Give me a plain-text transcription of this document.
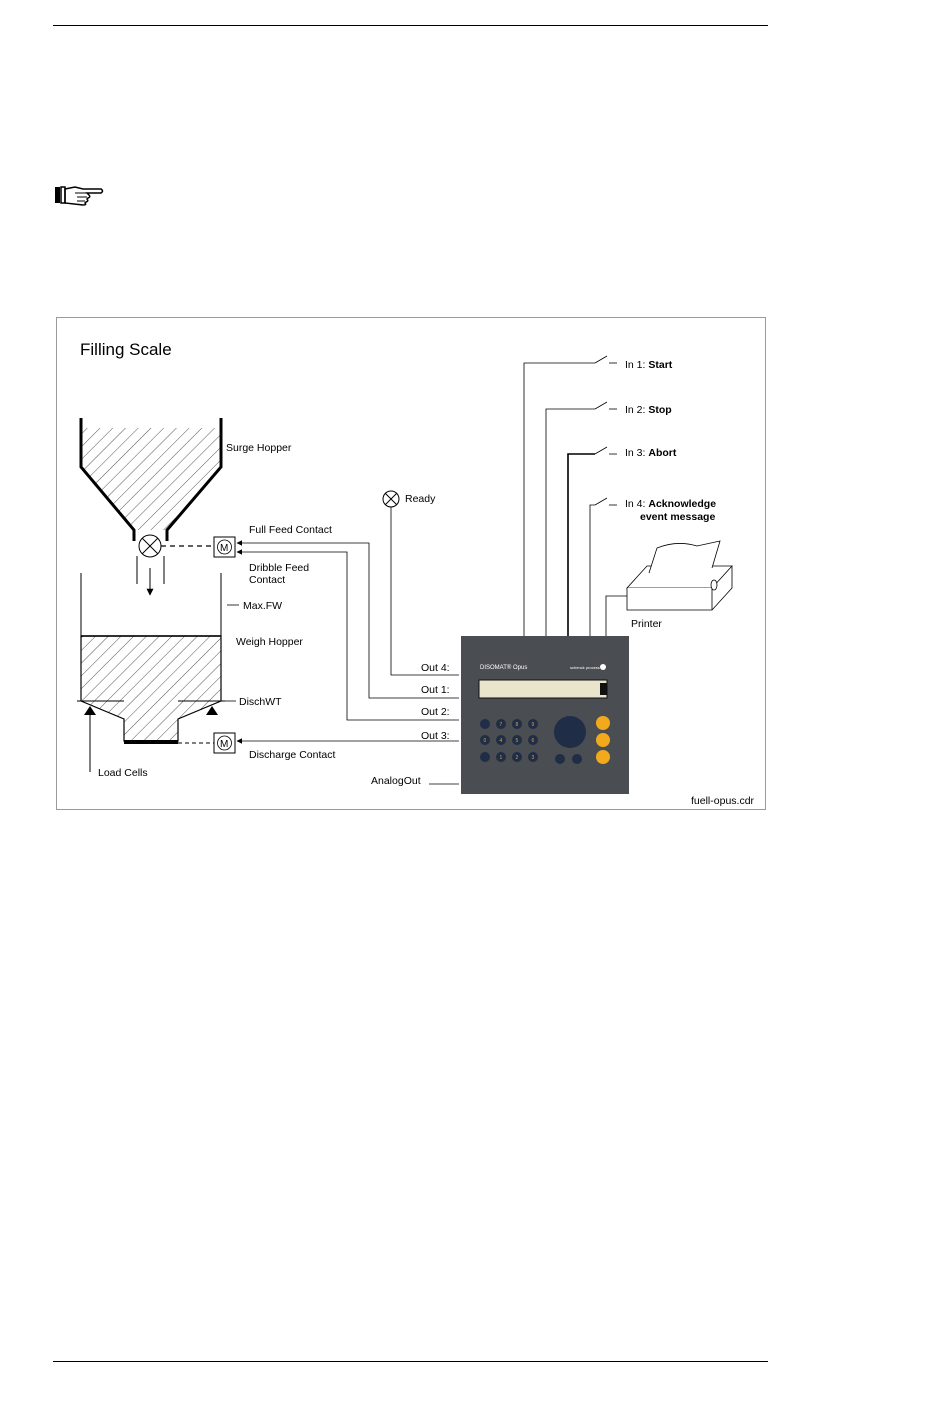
Filling Scale
Surge Hopper
M
Full Feed Contact
Dribble Feed
Contact
Max.FW
Weigh Hopper
DischWT
Load Cells
M
Discharge Contact
Ready
Out 4:
Out 1:
Out 2:
Out 3:
AnalogOut
In 1: Start
In 2: Stop
In 3: Abort
In 4: Acknowledge
event message
Printer
DISOMAT® Opus	schenck process
7	8	9
0	4	5	6
1	2	3
fuell-opus.cdr
